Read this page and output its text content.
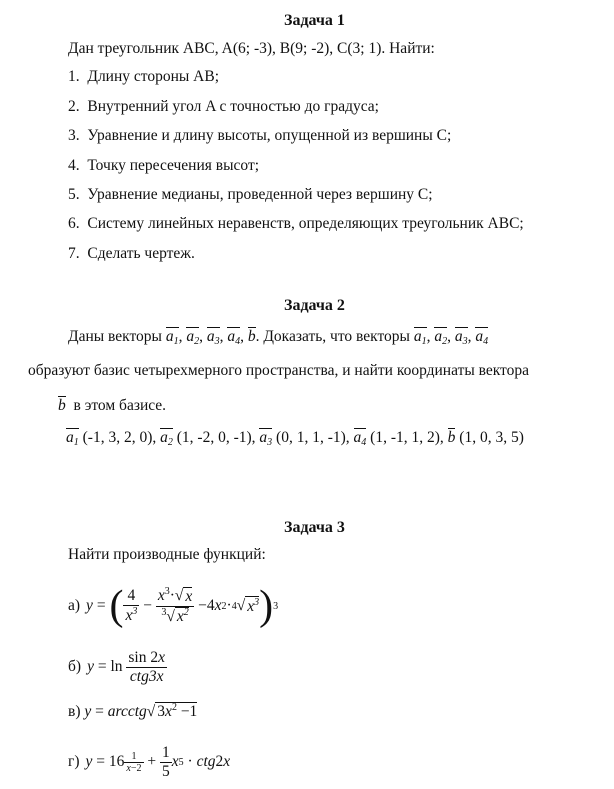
Задача 1
Дан треугольник ABC, A(6; -3), B(9; -2), C(3; 1). Найти:
1. Длину стороны AB;
2. Внутренний угол A с точностью до градуса;
3. Уравнение и длину высоты, опущенной из вершины C;
4. Точку пересечения высот;
5. Уравнение медианы, проведенной через вершину C;
6. Систему линейных неравенств, определяющих треугольник ABC;
7. Сделать чертеж.
Задача 2
Даны векторы $a_1$, $a_2$, $a_3$, $a_4$, b. Доказать, что векторы $a_1$, $a_2$, $a_3$, $a_4$
образуют базис четырехмерного пространства, и найти координаты вектора
b в этом базисе.
$a_1$ (-1, 3, 2, 0), $a_2$ (1, -2, 0, -1), $a_3$ (0, 1, 1, -1), $a_4$ (1, -1, 1, 2), b (1, 0, 3, 5)
Задача 3
Найти производные функций:
а) y = ( $\frac{4}{x^3} - \frac{x^3\cdot√ x}{^3√ x^2} -4$ x 2 · 4 √ $x^3$ ) 3
б) $y = \ln \frac{\sin 2x}{\text{ctg3x}}$
в) y = arcctg√ $3x^2 -1$
г) $y = 16 \frac{1}{x-2} + \frac{1}{5}$ x 5 · ctg 2 x
